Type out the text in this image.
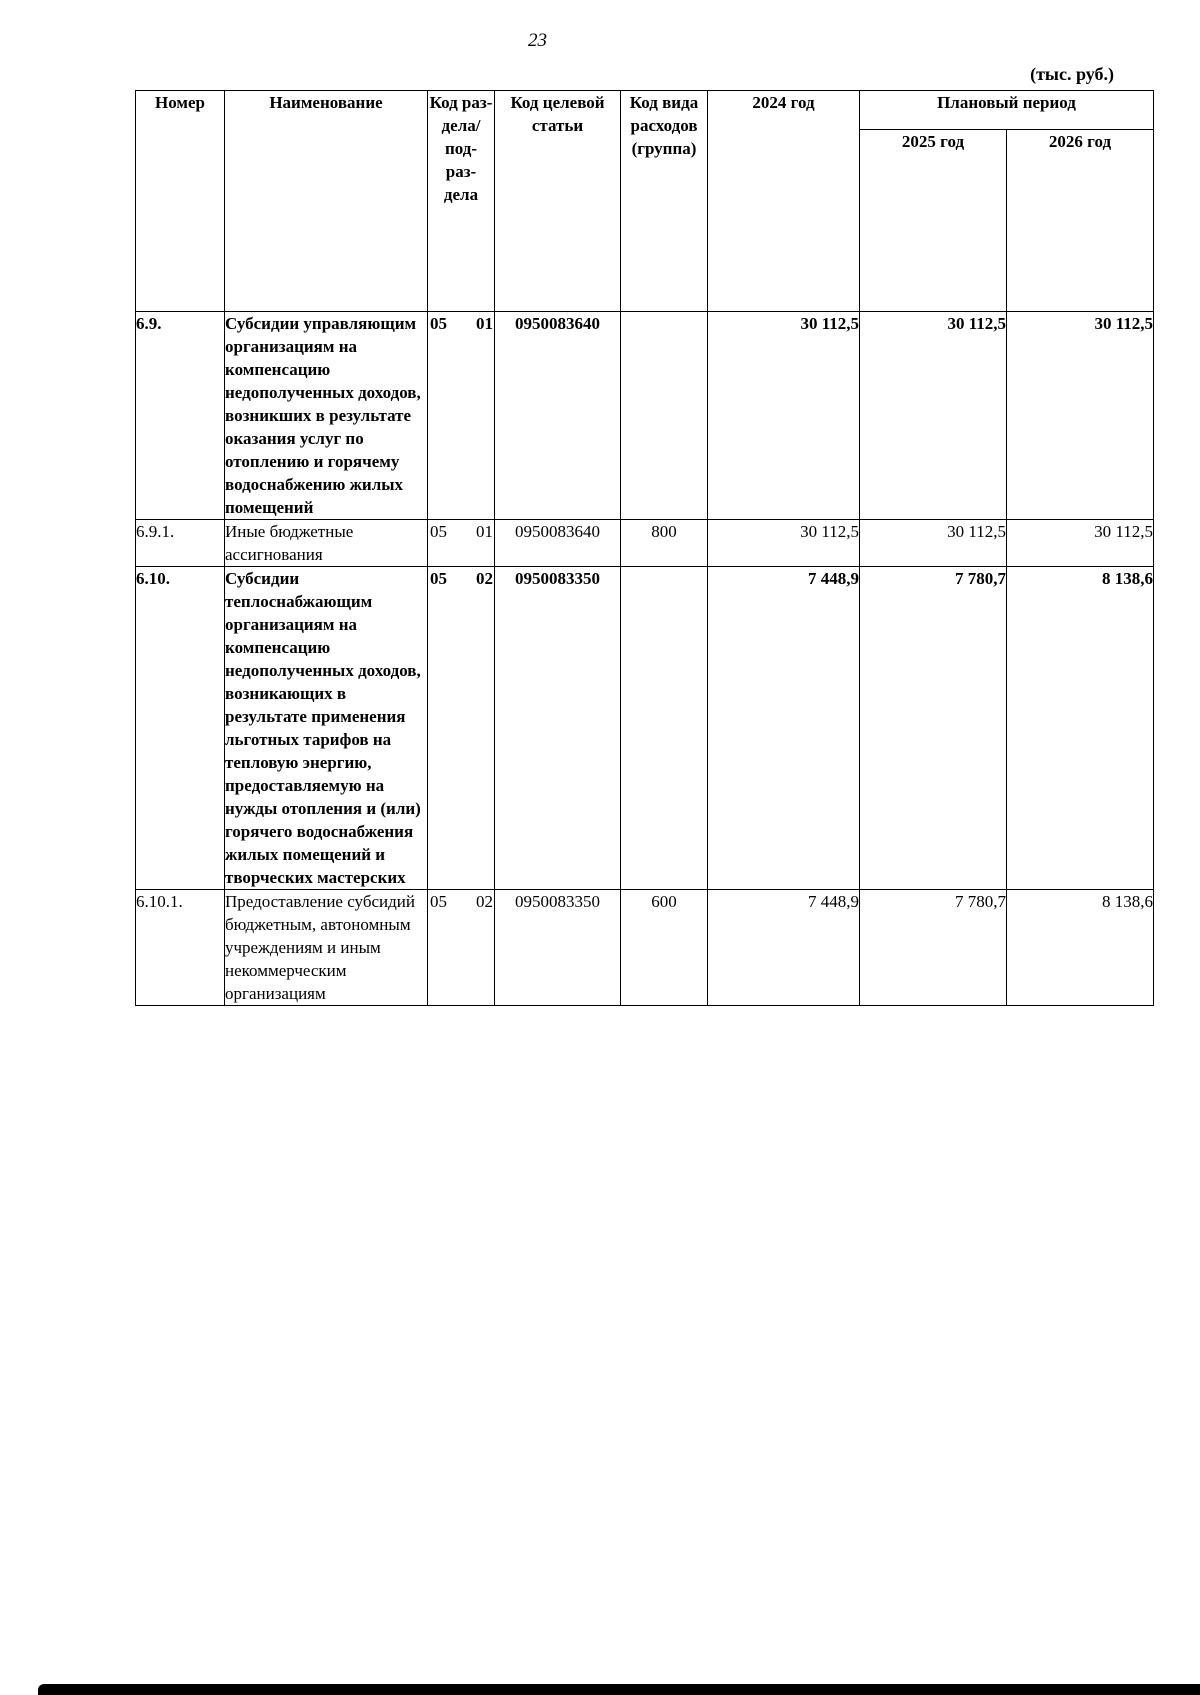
23
(тыс. руб.)
Номер	Наименование	Код раз- дела/ под- раз- дела	Код целевой статьи	Код вида расходов (группа)	2024 год	Плановый период	
						2025 год	2026 год
6.9.	Субсидии управляющим организациям на компенсацию недополученных доходов, возникших в результате оказания услуг по отоплению и горячему водоснабжению жилых помещений	05 01	0950083640		30 112,5	30 112,5	30 112,5
6.9.1.	Иные бюджетные ассигнования	05 01	0950083640	800	30 112,5	30 112,5	30 112,5
6.10.	Субсидии теплоснабжающим организациям на компенсацию недополученных доходов, возникающих в результате применения льготных тарифов на тепловую энергию, предоставляемую на нужды отопления и (или) горячего водоснабжения жилых помещений и творческих мастерских	05 02	0950083350		7 448,9	7 780,7	8 138,6
6.10.1.	Предоставление субсидий бюджетным, автономным учреждениям и иным некоммерческим организациям	05 02	0950083350	600	7 448,9	7 780,7	8 138,6
